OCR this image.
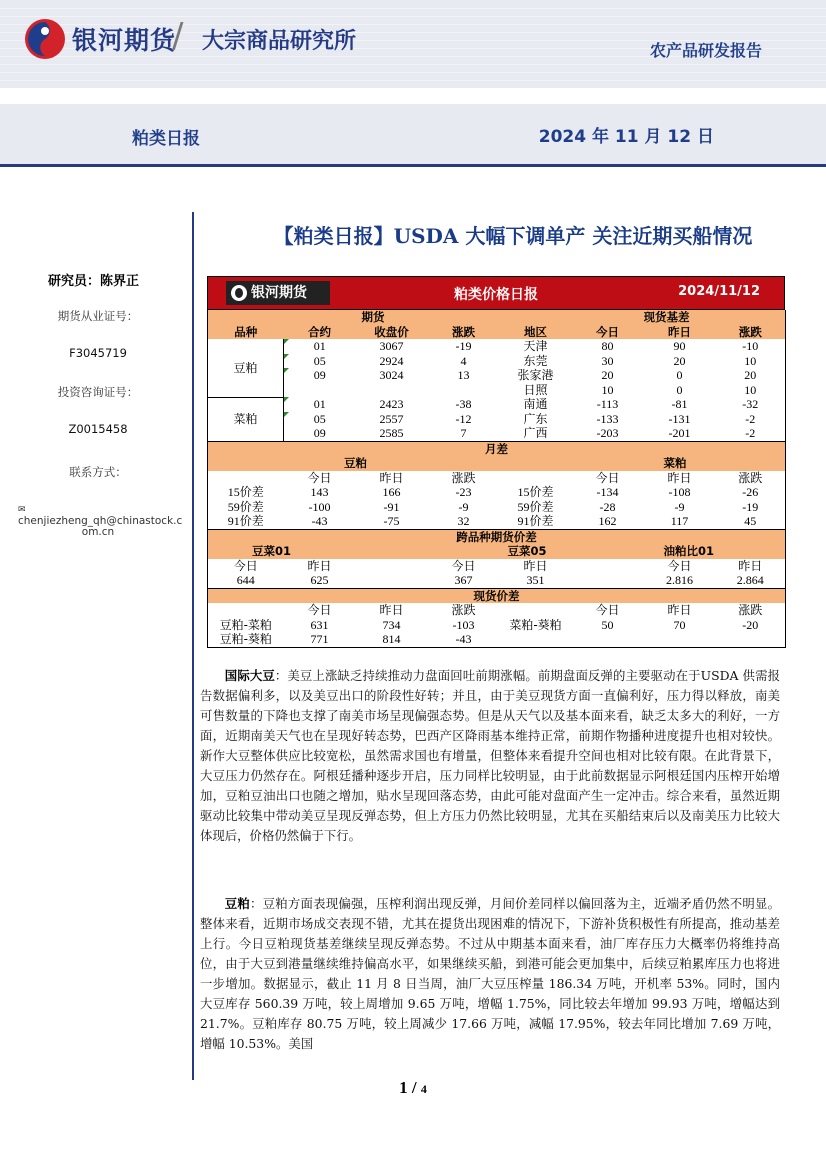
银河期货
/ 大宗商品研究所	农产品研发报告
粕类日报	2024 年 11 月 12 日
研究员：陈界正
期货从业证号：
F3045719
投资咨询证号：
Z0015458
联系方式：
✉chenjiezheng_qh@chinastock.c
om.cn
【粕类日报】USDA 大幅下调单产 关注近期买船情况
银河期货	粕类价格日报	2024/11/12
		期货				现货基差	
品种	合约	收盘价	涨跌	地区	今日	昨日	涨跌
豆粕	01	3067	-19	天津	80	90	-10
	05	2924	4	东莞	30	20	10
	09	3024	13	张家港	20	0	20
				日照	10	0	10
菜粕	01	2423	-38	南通	-113	-81	-32
	05	2557	-12	广东	-133	-131	-2
	09	2585	7	广西	-203	-201	-2
月差							
	豆粕					菜粕	
	今日	昨日	涨跌		今日	昨日	涨跌
15价差	143	166	-23	15价差	-134	-108	-26
59价差	-100	-91	-9	59价差	-28	-9	-19
91价差	-43	-75	32	91价差	162	117	45
跨品种期货价差							
豆菜01				豆菜05		油粕比01	
今日	昨日		今日	昨日		今日	昨日
644	625		367	351		2.816	2.864
现货价差							
	今日	昨日	涨跌		今日	昨日	涨跌
豆粕-菜粕	631	734	-103	菜粕-葵粕	50	70	-20
豆粕-葵粕	771	814	-43				
国际大豆：美豆上涨缺乏持续推动力盘面回吐前期涨幅。前期盘面反弹的主要驱动在于USDA 供需报告数据偏利多，以及美豆出口的阶段性好转；并且，由于美豆现货方面一直偏利好，压力得以释放，南美可售数量的下降也支撑了南美市场呈现偏强态势。但是从天气以及基本面来看，缺乏太多大的利好，一方面，近期南美天气也在呈现好转态势，巴西产区降雨基本维持正常，前期作物播种进度提升也相对较快。新作大豆整体供应比较宽松，虽然需求国也有增量，但整体来看提升空间也相对比较有限。在此背景下，大豆压力仍然存在。阿根廷播种逐步开启，压力同样比较明显，由于此前数据显示阿根廷国内压榨开始增加，豆粕豆油出口也随之增加，贴水呈现回落态势，由此可能对盘面产生一定冲击。综合来看，虽然近期驱动比较集中带动美豆呈现反弹态势，但上方压力仍然比较明显，尤其在买船结束后以及南美压力比较大体现后，价格仍然偏于下行。
豆粕：豆粕方面表现偏强，压榨利润出现反弹，月间价差同样以偏回落为主，近端矛盾仍然不明显。整体来看，近期市场成交表现不错，尤其在提货出现困难的情况下，下游补货积极性有所提高，推动基差上行。今日豆粕现货基差继续呈现反弹态势。不过从中期基本面来看，油厂库存压力大概率仍将维持高位，由于大豆到港量继续维持偏高水平，如果继续买船，到港可能会更加集中，后续豆粕累库压力也将进一步增加。数据显示，截止 11 月 8 日当周，油厂大豆压榨量 186.34 万吨，开机率 53%。同时，国内大豆库存 560.39 万吨，较上周增加 9.65 万吨，增幅 1.75%，同比较去年增加 99.93 万吨，增幅达到 21.7%。豆粕库存 80.75 万吨，较上周减少 17.66 万吨，减幅 17.95%，较去年同比增加 7.69 万吨，增幅 10.53%。美国
1 / 4
